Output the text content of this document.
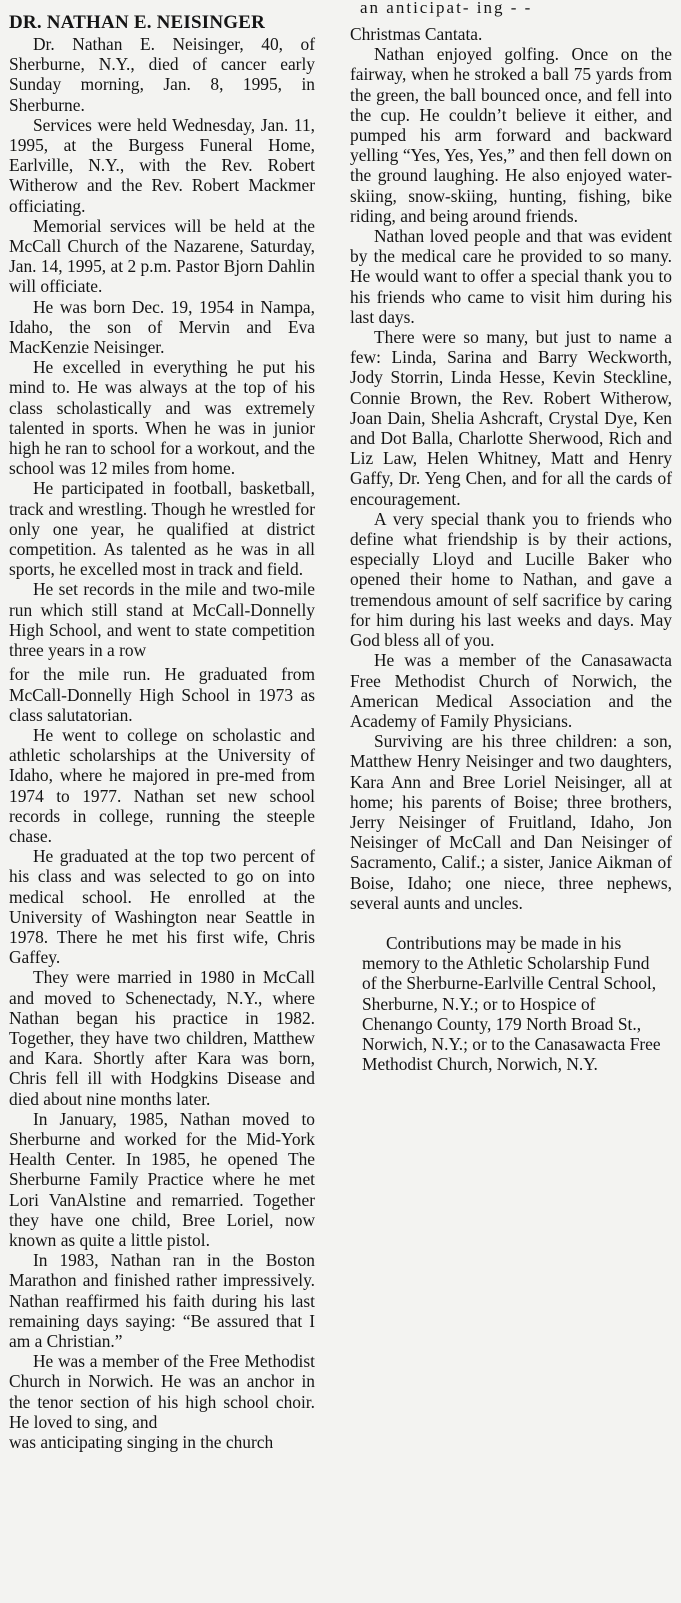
DR. NATHAN E. NEISINGER

Dr. Nathan E. Neisinger, 40, of Sherburne, N.Y., died of cancer early Sunday morning, Jan. 8, 1995, in Sherburne.

Services were held Wednesday, Jan. 11, 1995, at the Burgess Funeral Home, Earlville, N.Y., with the Rev. Robert Witherow and the Rev. Robert Mackmer officiating.

Memorial services will be held at the McCall Church of the Nazarene, Saturday, Jan. 14, 1995, at 2 p.m. Pastor Bjorn Dahlin will officiate.

He was born Dec. 19, 1954 in Nampa, Idaho, the son of Mervin and Eva MacKenzie Neisinger.

He excelled in everything he put his mind to. He was always at the top of his class scholastically and was extremely talented in sports. When he was in junior high he ran to school for a workout, and the school was 12 miles from home.

He participated in football, basketball, track and wrestling. Though he wrestled for only one year, he qualified at district competition. As talented as he was in all sports, he excelled most in track and field.

He set records in the mile and two-mile run which still stand at McCall-Donnelly High School, and went to state competition three years in a row

for the mile run. He graduated from McCall-Donnelly High School in 1973 as class salutatorian.

He went to college on scholastic and athletic scholarships at the University of Idaho, where he majored in pre-med from 1974 to 1977. Nathan set new school records in college, running the steeple chase.

He graduated at the top two percent of his class and was selected to go on into medical school. He enrolled at the University of Washington near Seattle in 1978. There he met his first wife, Chris Gaffey.

They were married in 1980 in McCall and moved to Schenectady, N.Y., where Nathan began his practice in 1982. Together, they have two children, Matthew and Kara. Shortly after Kara was born, Chris fell ill with Hodgkins Disease and died about nine months later.

In January, 1985, Nathan moved to Sherburne and worked for the Mid-York Health Center. In 1985, he opened The Sherburne Family Practice where he met Lori VanAlstine and remarried. Together they have one child, Bree Loriel, now known as quite a little pistol.

In 1983, Nathan ran in the Boston Marathon and finished rather impressively. Nathan reaffirmed his faith during his last remaining days saying: “Be assured that I am a Christian.”

He was a member of the Free Methodist Church in Norwich. He was an anchor in the tenor section of his high school choir. He loved to sing, and

was anticipating singing in the church

an anticipat- ing - -

Christmas Cantata.

Nathan enjoyed golfing. Once on the fairway, when he stroked a ball 75 yards from the green, the ball bounced once, and fell into the cup. He couldn’t believe it either, and pumped his arm forward and backward yelling “Yes, Yes, Yes,” and then fell down on the ground laughing. He also enjoyed water-skiing, snow-skiing, hunting, fishing, bike riding, and being around friends.

Nathan loved people and that was evident by the medical care he provided to so many. He would want to offer a special thank you to his friends who came to visit him during his last days.

There were so many, but just to name a few: Linda, Sarina and Barry Weckworth, Jody Storrin, Linda Hesse, Kevin Steckline, Connie Brown, the Rev. Robert Witherow, Joan Dain, Shelia Ashcraft, Crystal Dye, Ken and Dot Balla, Charlotte Sherwood, Rich and Liz Law, Helen Whitney, Matt and Henry Gaffy, Dr. Yeng Chen, and for all the cards of encouragement.

A very special thank you to friends who define what friendship is by their actions, especially Lloyd and Lucille Baker who opened their home to Nathan, and gave a tremendous amount of self sacrifice by caring for him during his last weeks and days. May God bless all of you.

He was a member of the Canasawacta Free Methodist Church of Norwich, the American Medical Association and the Academy of Family Physicians.

Surviving are his three children: a son, Matthew Henry Neisinger and two daughters, Kara Ann and Bree Loriel Neisinger, all at home; his parents of Boise; three brothers, Jerry Neisinger of Fruitland, Idaho, Jon Neisinger of McCall and Dan Neisinger of Sacramento, Calif.; a sister, Janice Aikman of Boise, Idaho; one niece, three nephews, several aunts and uncles.

Contributions may be made in his memory to the Athletic Scholarship Fund of the Sherburne-Earlville Central School, Sherburne, N.Y.; or to Hospice of Chenango County, 179 North Broad St., Norwich, N.Y.; or to the Canasawacta Free Methodist Church, Norwich, N.Y.
